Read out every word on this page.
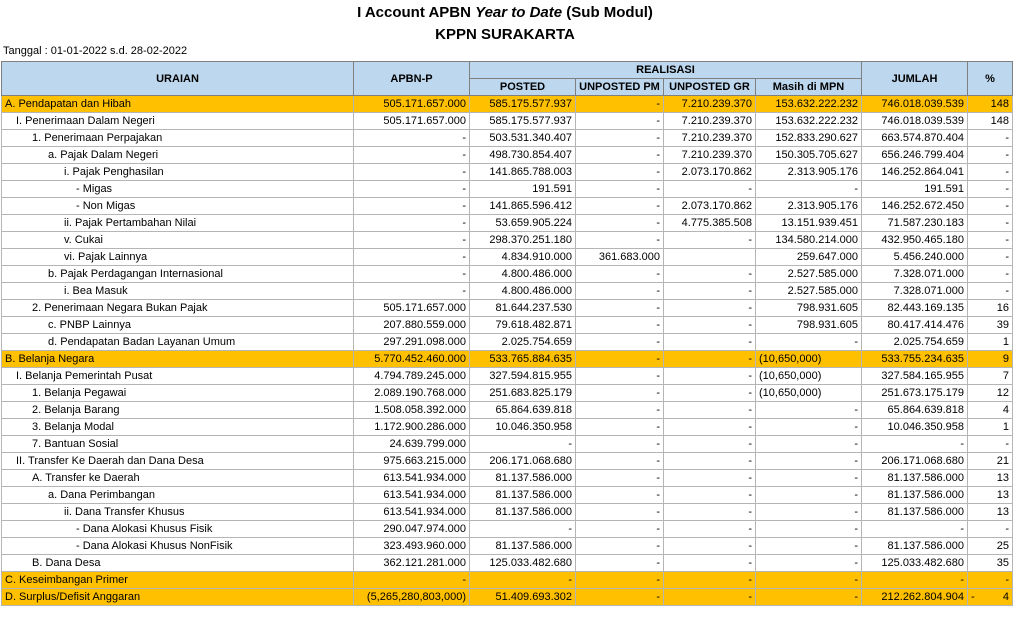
I Account APBN Year to Date (Sub Modul)
KPPN SURAKARTA
Tanggal : 01-01-2022 s.d. 28-02-2022
URAIAN	APBN-P	REALISASI				JUMLAH	%
		POSTED	UNPOSTED PM	UNPOSTED GR	Masih di MPN		
A. Pendapatan dan Hibah	505.171.657.000	585.175.577.937	-	7.210.239.370	153.632.222.232	746.018.039.539	148
I. Penerimaan Dalam Negeri	505.171.657.000	585.175.577.937	-	7.210.239.370	153.632.222.232	746.018.039.539	148
1. Penerimaan Perpajakan	-	503.531.340.407	-	7.210.239.370	152.833.290.627	663.574.870.404	-
a. Pajak Dalam Negeri	-	498.730.854.407	-	7.210.239.370	150.305.705.627	656.246.799.404	-
i. Pajak Penghasilan	-	141.865.788.003	-	2.073.170.862	2.313.905.176	146.252.864.041	-
- Migas	-	191.591	-	-	-	191.591	-
- Non Migas	-	141.865.596.412	-	2.073.170.862	2.313.905.176	146.252.672.450	-
ii. Pajak Pertambahan Nilai	-	53.659.905.224	-	4.775.385.508	13.151.939.451	71.587.230.183	-
v. Cukai	-	298.370.251.180	-	-	134.580.214.000	432.950.465.180	-
vi. Pajak Lainnya	-	4.834.910.000	361.683.000		259.647.000	5.456.240.000	-
b. Pajak Perdagangan Internasional	-	4.800.486.000	-	-	2.527.585.000	7.328.071.000	-
i. Bea Masuk	-	4.800.486.000	-	-	2.527.585.000	7.328.071.000	-
2. Penerimaan Negara Bukan Pajak	505.171.657.000	81.644.237.530	-	-	798.931.605	82.443.169.135	16
c. PNBP Lainnya	207.880.559.000	79.618.482.871	-	-	798.931.605	80.417.414.476	39
d. Pendapatan Badan Layanan Umum	297.291.098.000	2.025.754.659	-	-	-	2.025.754.659	1
B. Belanja Negara	5.770.452.460.000	533.765.884.635	-	-	(10,650,000)	533.755.234.635	9
I. Belanja Pemerintah Pusat	4.794.789.245.000	327.594.815.955	-	-	(10,650,000)	327.584.165.955	7
1. Belanja Pegawai	2.089.190.768.000	251.683.825.179	-	-	(10,650,000)	251.673.175.179	12
2. Belanja Barang	1.508.058.392.000	65.864.639.818	-	-	-	65.864.639.818	4
3. Belanja Modal	1.172.900.286.000	10.046.350.958	-	-	-	10.046.350.958	1
7. Bantuan Sosial	24.639.799.000	-	-	-	-	-	-
II. Transfer Ke Daerah dan Dana Desa	975.663.215.000	206.171.068.680	-	-	-	206.171.068.680	21
A. Transfer ke Daerah	613.541.934.000	81.137.586.000	-	-	-	81.137.586.000	13
a. Dana Perimbangan	613.541.934.000	81.137.586.000	-	-	-	81.137.586.000	13
ii. Dana Transfer Khusus	613.541.934.000	81.137.586.000	-	-	-	81.137.586.000	13
- Dana Alokasi Khusus Fisik	290.047.974.000	-	-	-	-	-	-
- Dana Alokasi Khusus NonFisik	323.493.960.000	81.137.586.000	-	-	-	81.137.586.000	25
B. Dana Desa	362.121.281.000	125.033.482.680	-	-	-	125.033.482.680	35
C. Keseimbangan Primer	-	-	-	-	-	-	-
D. Surplus/Defisit Anggaran	(5,265,280,803,000)	51.409.693.302	-	-	-	212.262.804.904	- 4
